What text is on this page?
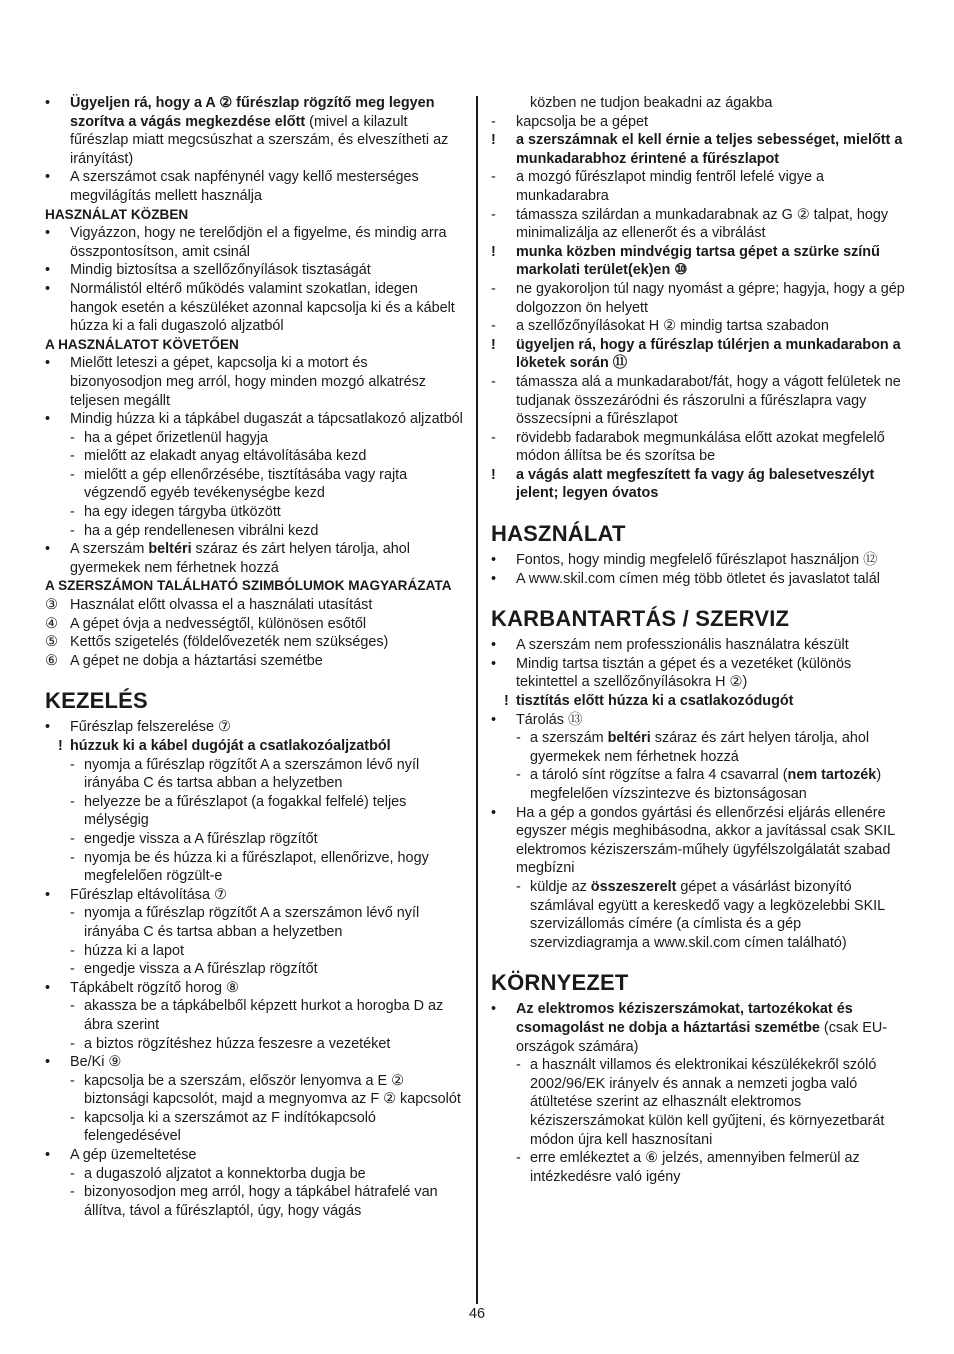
• Ügyeljen rá, hogy a A ② fűrészlap rögzítő meg legyen szorítva a vágás megkezdése előtt (mivel a kilazult fűrészlap miatt megcsúszhat a szerszám, és elveszítheti az irányítást)
• A szerszámot csak napfénynél vagy kellő mesterséges megvilágítás mellett használja
HASZNÁLAT KÖZBEN
• Vigyázzon, hogy ne terelődjön el a figyelme, és mindig arra összpontosítson, amit csinál
• Mindig biztosítsa a szellőzőnyílások tisztaságát
• Normálistól eltérő működés valamint szokatlan, idegen hangok esetén a készüléket azonnal kapcsolja ki és a kábelt húzza ki a fali dugaszoló aljzatból
A HASZNÁLATOT KÖVETŐEN
• Mielőtt leteszi a gépet, kapcsolja ki a motort és bizonyosodjon meg arról, hogy minden mozgó alkatrész teljesen megállt
• Mindig húzza ki a tápkábel dugaszát a tápcsatlakozó aljzatból
- ha a gépet őrizetlenül hagyja
- mielőtt az elakadt anyag eltávolításába kezd
- mielőtt a gép ellenőrzésébe, tisztításába vagy rajta végzendő egyéb tevékenységbe kezd
- ha egy idegen tárgyba ütközött
- ha a gép rendellenesen vibrálni kezd
• A szerszám beltéri száraz és zárt helyen tárolja, ahol gyermekek nem férhetnek hozzá
A SZERSZÁMON TALÁLHATÓ SZIMBÓLUMOK MAGYARÁZATA
③ Használat előtt olvassa el a használati utasítást
④ A gépet óvja a nedvességtől, különösen esőtől
⑤ Kettős szigetelés (földelővezeték nem szükséges)
⑥ A gépet ne dobja a háztartási szemétbe
KEZELÉS
• Fűrészlap felszerelése ⑦
! húzzuk ki a kábel dugóját a csatlakozóaljzatból
- nyomja a fűrészlap rögzítőt A a szerszámon lévő nyíl irányába C és tartsa abban a helyzetben
- helyezze be a fűrészlapot (a fogakkal felfelé) teljes mélységig
- engedje vissza a A fűrészlap rögzítőt
- nyomja be és húzza ki a fűrészlapot, ellenőrizve, hogy megfelelően rögzült-e
• Fűrészlap eltávolítása ⑦
- nyomja a fűrészlap rögzítőt A a szerszámon lévő nyíl irányába C és tartsa abban a helyzetben
- húzza ki a lapot
- engedje vissza a A fűrészlap rögzítőt
• Tápkábelt rögzítő horog ⑧
- akassza be a tápkábelből képzett hurkot a horogba D az ábra szerint
- a biztos rögzítéshez húzza feszesre a vezetéket
• Be/Ki ⑨
- kapcsolja be a szerszám, először lenyomva a E ② biztonsági kapcsolót, majd a megnyomva az F ② kapcsolót
- kapcsolja ki a szerszámot az F indítókapcsoló felengedésével
• A gép üzemeltetése
- a dugaszoló aljzatot a konnektorba dugja be
- bizonyosodjon meg arról, hogy a tápkábel hátrafelé van állítva, távol a fűrészlaptól, úgy, hogy vágás
közben ne tudjon beakadni az ágakba
- kapcsolja be a gépet
! a szerszámnak el kell érnie a teljes sebességet, mielőtt a munkadarabhoz érintené a fűrészlapot
- a mozgó fűrészlapot mindig fentről lefelé vigye a munkadarabra
- támassza szilárdan a munkadarabnak az G ② talpat, hogy minimalizálja az ellenerőt és a vibrálást
! munka közben mindvégig tartsa gépet a szürke színű markolati terület(ek)en ⑩
- ne gyakoroljon túl nagy nyomást a gépre; hagyja, hogy a gép dolgozzon ön helyett
- a szellőzőnyílásokat H ② mindig tartsa szabadon
! ügyeljen rá, hogy a fűrészlap túlérjen a munkadarabon a löketek során ⑪
- támassza alá a munkadarabot/fát, hogy a vágott felületek ne tudjanak összezáródni és rászorulni a fűrészlapra vagy összecsípni a fűrészlapot
- rövidebb fadarabok megmunkálása előtt azokat megfelelő módon állítsa be és szorítsa be
! a vágás alatt megfeszített fa vagy ág balesetveszélyt jelent; legyen óvatos
HASZNÁLAT
• Fontos, hogy mindig megfelelő fűrészlapot használjon ⑫
• A www.skil.com címen még több ötletet és javaslatot talál
KARBANTARTÁS / SZERVIZ
• A szerszám nem professzionális használatra készült
• Mindig tartsa tisztán a gépet és a vezetéket (különös tekintettel a szellőzőnyílásokra H ②)
! tisztítás előtt húzza ki a csatlakozódugót
• Tárolás ⑬
- a szerszám beltéri száraz és zárt helyen tárolja, ahol gyermekek nem férhetnek hozzá
- a tároló sínt rögzítse a falra 4 csavarral (nem tartozék) megfelelően vízszintezve és biztonságosan
• Ha a gép a gondos gyártási és ellenőrzési eljárás ellenére egyszer mégis meghibásodna, akkor a javítással csak SKIL elektromos kéziszerszám-műhely ügyfélszolgálatát szabad megbízni
- küldje az összeszerelt gépet a vásárlást bizonyító számlával együtt a kereskedő vagy a legközelebbi SKIL szervizállomás címére (a címlista és a gép szervizdiagramja a www.skil.com címen található)
KÖRNYEZET
• Az elektromos kéziszerszámokat, tartozékokat és csomagolást ne dobja a háztartási szemétbe (csak EU-országok számára)
- a használt villamos és elektronikai készülékekről szóló 2002/96/EK irányelv és annak a nemzeti jogba való átültetése szerint az elhasznált elektromos kéziszerszámokat külön kell gyűjteni, és környezetbarát módon újra kell hasznosítani
- erre emlékeztet a ⑥ jelzés, amennyiben felmerül az intézkedésre való igény
46
